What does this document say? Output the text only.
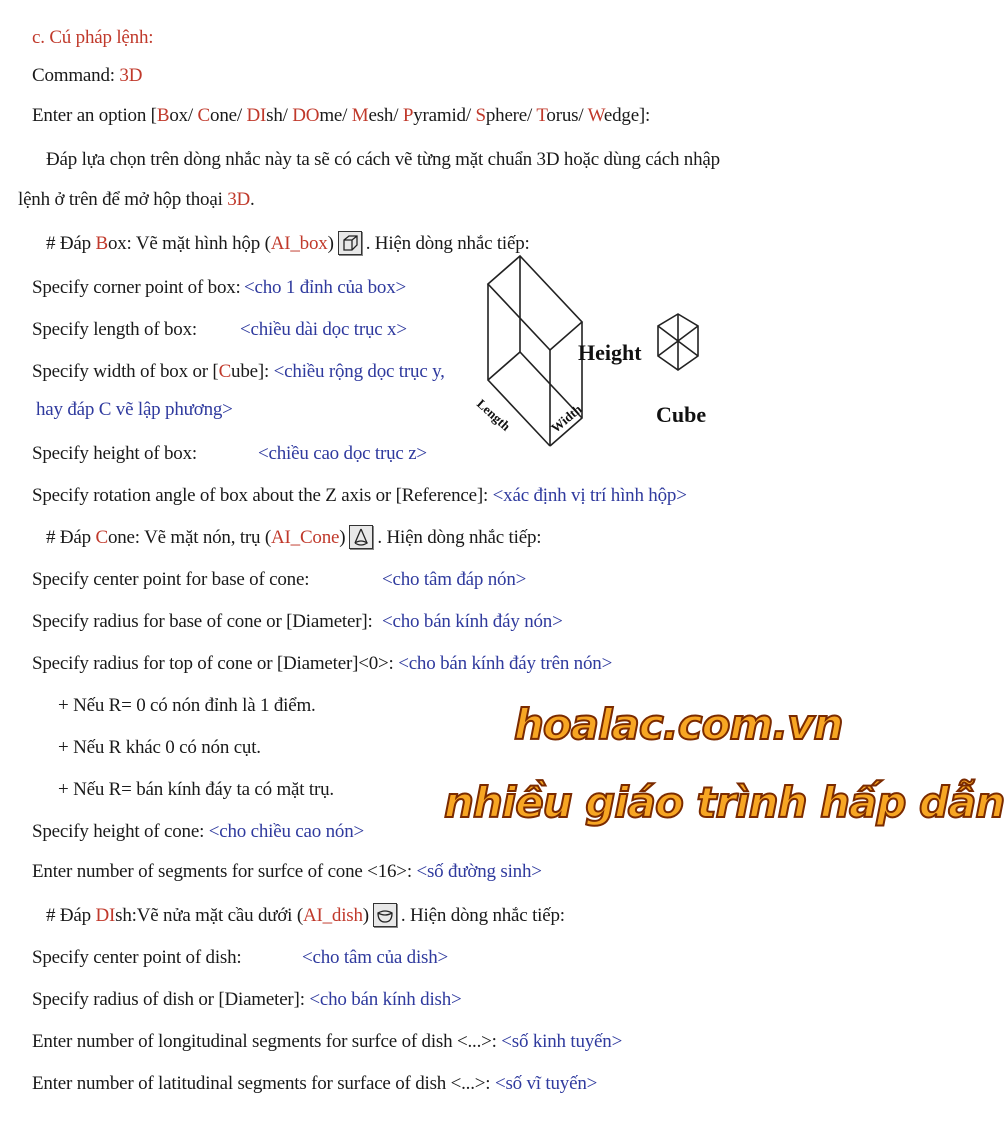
c. Cú pháp lệnh:
Command: 3D
Enter an option [Box/ Cone/ DIsh/ DOme/ Mesh/ Pyramid/ Sphere/ Torus/ Wedge]:
Đáp lựa chọn trên dòng nhắc này ta sẽ có cách vẽ từng mặt chuẩn 3D hoặc dùng cách nhập
lệnh ở trên để mở hộp thoại 3D.
# Đáp Box: Vẽ mặt hình hộp (AI_box) . Hiện dòng nhắc tiếp:
Specify corner point of box: <cho 1 đỉnh của box>
Specify length of box: <chiều dài dọc trục x>
Specify width of box or [Cube]: <chiều rộng dọc trục y,
hay đáp C vẽ lập phương>
Specify height of box:	<chiều cao dọc trục z>
Specify rotation angle of box about the Z axis or [Reference]: <xác định vị trí hình hộp>
Height
Length	Width	Cube
# Đáp Cone: Vẽ mặt nón, trụ (AI_Cone) . Hiện dòng nhắc tiếp:
Specify center point for base of cone:	<cho tâm đáp nón>
Specify radius for base of cone or [Diameter]: <cho bán kính đáy nón>
Specify radius for top of cone or [Diameter]<0>: <cho bán kính đáy trên nón>
+ Nếu R= 0 có nón đỉnh là 1 điểm.
+ Nếu R khác 0 có nón cụt.
+ Nếu R= bán kính đáy ta có mặt trụ.
Specify height of cone: <cho chiều cao nón>
Enter number of segments for surfce of cone <16>: <số đường sinh>
# Đáp DIsh:Vẽ nửa mặt cầu dưới (AI_dish) . Hiện dòng nhắc tiếp:
Specify center point of dish:	<cho tâm của dish>
Specify radius of dish or [Diameter]: <cho bán kính dish>
Enter number of longitudinal segments for surfce of dish <...>: <số kinh tuyến>
Enter number of latitudinal segments for surface of dish <...>: <số vĩ tuyến>
hoalac.com.vn
nhiều giáo trình hấp dẫn
